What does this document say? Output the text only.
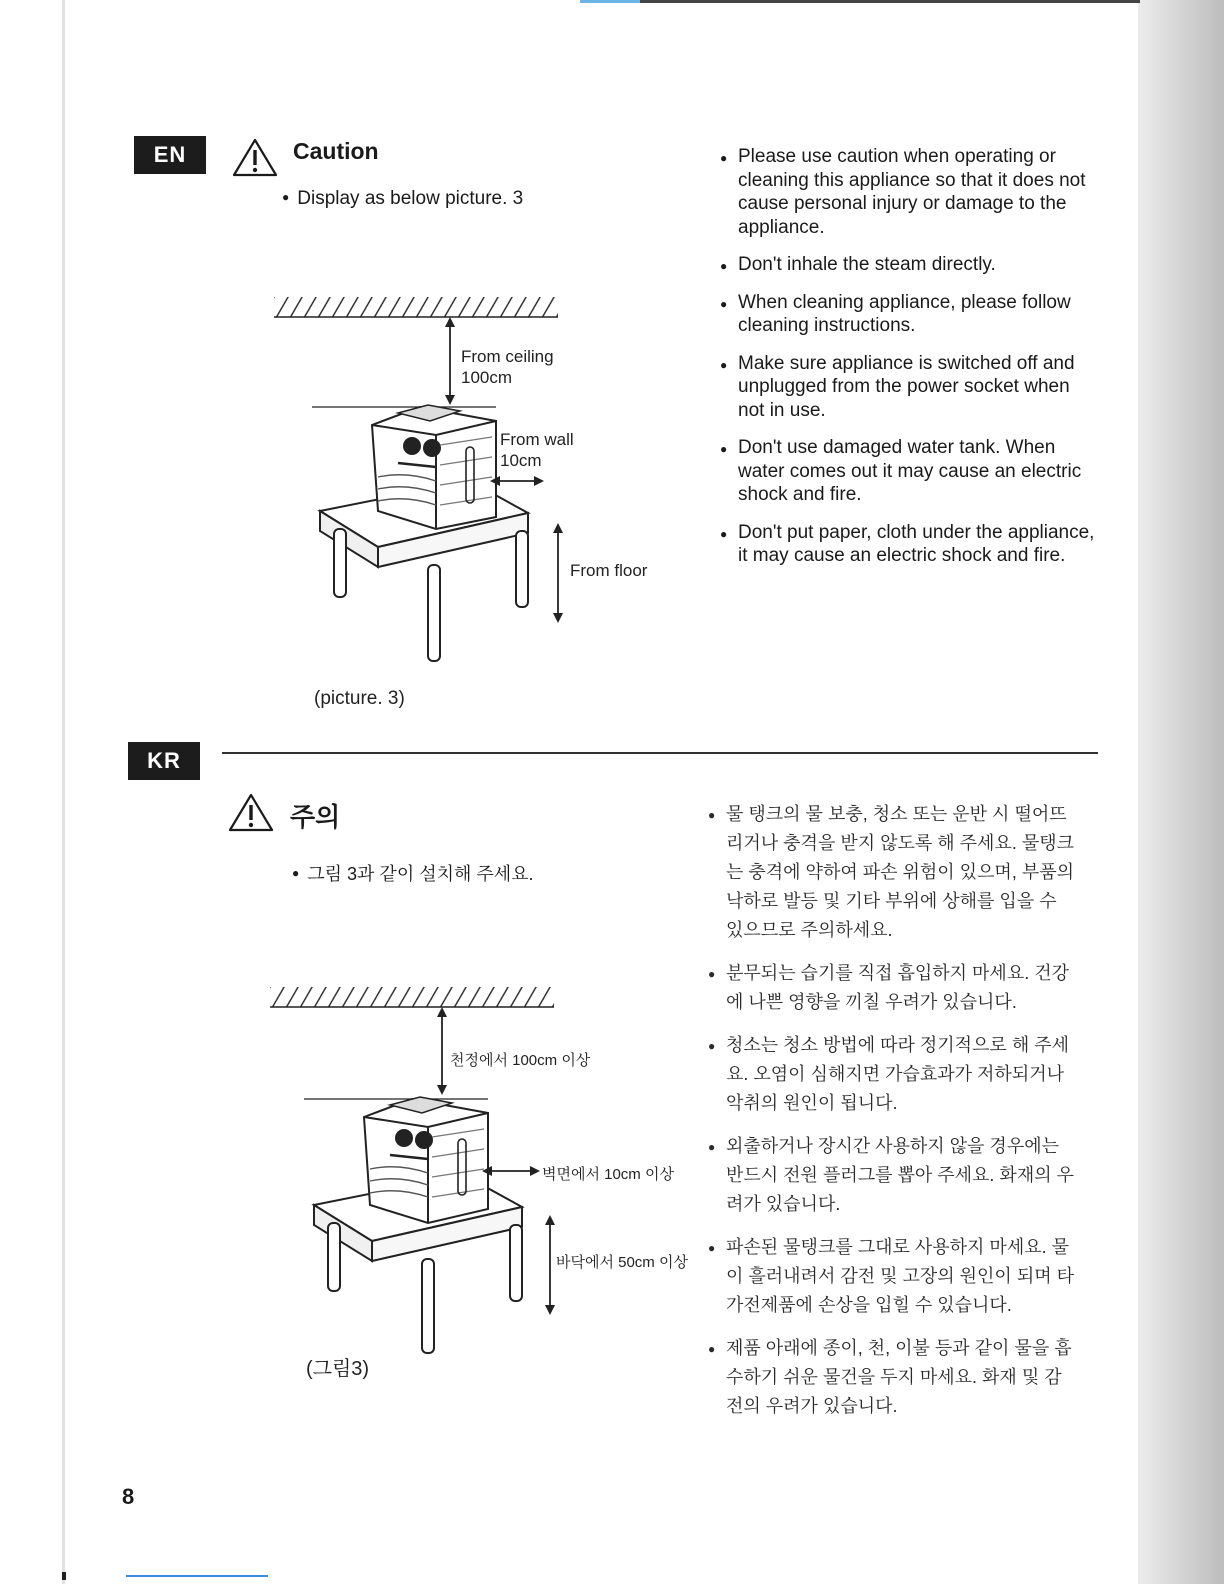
EN	Caution
● Display as below picture. 3
From ceiling
100cm
From wall
10cm
From floor
(picture. 3)
● Please use caution when operating or cleaning this appliance so that it does not cause personal injury or damage to the appliance.
● Don't inhale the steam directly.
● When cleaning appliance, please follow cleaning instructions.
● Make sure appliance is switched off and unplugged from the power socket when not in use.
● Don't use damaged water tank. When water comes out it may cause an electric shock and fire.
● Don't put paper, cloth under the appliance, it may cause an electric shock and fire.
KR
주의
● 그림 3과 같이 설치해 주세요.
천정에서 100cm 이상
벽면에서 10cm 이상
바닥에서 50cm 이상
(그림3)
● 물 탱크의 물 보충, 청소 또는 운반 시 떨어뜨리거나 충격을 받지 않도록 해 주세요. 물탱크는 충격에 약하여 파손 위험이 있으며, 부품의 낙하로 발등 및 기타 부위에 상해를 입을 수 있으므로 주의하세요.
● 분무되는 습기를 직접 흡입하지 마세요. 건강에 나쁜 영향을 끼칠 우려가 있습니다.
● 청소는 청소 방법에 따라 정기적으로 해 주세요. 오염이 심해지면 가습효과가 저하되거나 악취의 원인이 됩니다.
● 외출하거나 장시간 사용하지 않을 경우에는 반드시 전원 플러그를 뽑아 주세요. 화재의 우려가 있습니다.
● 파손된 물탱크를 그대로 사용하지 마세요. 물이 흘러내려서 감전 및 고장의 원인이 되며 타 가전제품에 손상을 입힐 수 있습니다.
● 제품 아래에 종이, 천, 이불 등과 같이 물을 흡수하기 쉬운 물건을 두지 마세요. 화재 및 감전의 우려가 있습니다.
8
